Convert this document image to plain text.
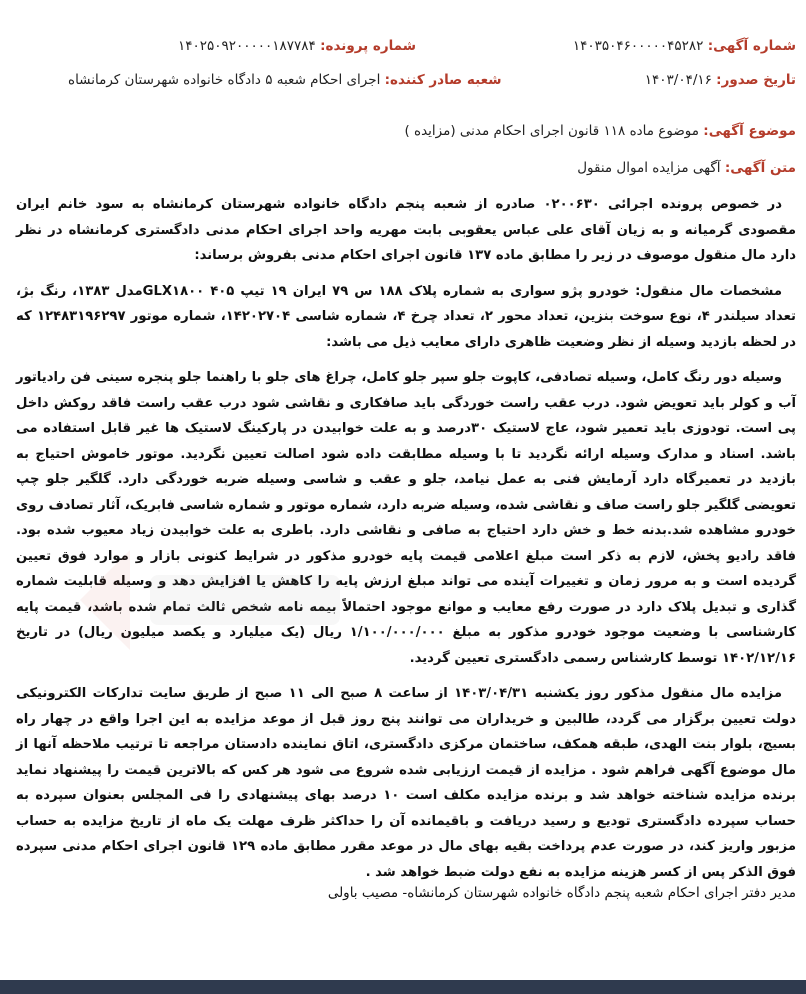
شماره آگهی: ۱۴۰۳۵۰۴۶۰۰۰۰۰۴۵۲۸۲
شماره پرونده: ۱۴۰۲۵۰۹۲۰۰۰۰۰۱۸۷۷۸۴
تاریخ صدور: ۱۴۰۳/۰۴/۱۶
شعبه صادر کننده: اجرای احکام شعبه ۵ دادگاه خانواده شهرستان کرمانشاه
موضوع آگهی: موضوع ماده ۱۱۸ قانون اجرای احکام مدنی (مزایده )
متن آگهی: آگهی مزایده اموال منقول

در خصوص پرونده اجرائی ۰۲۰۰۶۳۰ صادره از شعبه پنجم دادگاه خانواده شهرستان کرمانشاه به سود خانم ایران مقصودی گرمیانه و به زیان آقای علی عباس یعقوبی بابت مهریه واحد اجرای احکام مدنی دادگستری کرمانشاه در نظر دارد مال منقول موصوف در زیر را مطابق ماده ۱۳۷ قانون اجرای احکام مدنی بفروش برساند:

مشخصات مال منقول: خودرو پژو سواری به شماره پلاک ۱۸۸ س ۷۹ ایران ۱۹ تیپ GLX۱۸۰۰ ۴۰۵مدل ۱۳۸۳، رنگ بژ، تعداد سیلندر ۴، نوع سوخت بنزین، تعداد محور ۲، تعداد چرخ ۴، شماره شاسی ۱۴۲۰۲۷۰۴، شماره موتور ۱۲۴۸۳۱۹۶۲۹۷ که در لحظه بازدید وسیله از نظر وضعیت ظاهری دارای معایب ذیل می باشد:

وسیله دور رنگ کامل، وسیله تصادفی، کاپوت جلو سپر جلو کامل، چراغ های جلو با راهنما جلو پنجره سینی فن رادیاتور آب و کولر باید تعویض شود. درب عقب راست خوردگی باید صافکاری و نقاشی شود درب عقب راست فاقد روکش داخل پی است. تودوزی باید تعمیر شود، عاج لاستیک ۳۰درصد و به علت خوابیدن در پارکینگ لاستیک ها غیر قابل استفاده می باشد. اسناد و مدارک وسیله ارائه نگردید تا با وسیله مطابقت داده شود اصالت تعیین نگردید. موتور خاموش احتیاج به بازدید در تعمیرگاه دارد آرمایش فنی به عمل نیامد، جلو و عقب و شاسی وسیله ضربه خوردگی دارد. گلگیر جلو چپ تعویضی گلگیر جلو راست صاف و نقاشی شده، وسیله ضربه دارد، شماره موتور و شماره شاسی فابریک، آثار تصادف روی خودرو مشاهده شد.بدنه خط و خش دارد احتیاج به صافی و نقاشی دارد. باطری به علت خوابیدن زیاد معیوب شده بود. فاقد رادیو پخش، لازم به ذکر است مبلغ اعلامی قیمت پایه خودرو مذکور در شرایط کنونی بازار و موارد فوق تعیین گردیده است و به مرور زمان و تغییرات آینده می تواند مبلغ ارزش پایه را کاهش یا افزایش دهد و وسیله قابلیت شماره گذاری و تبدیل پلاک دارد در صورت رفع معایب و موانع موجود احتمالاً بیمه نامه شخص ثالث تمام شده باشد، قیمت پایه کارشناسی با وضعیت موجود خودرو مذکور به مبلغ ۱/۱۰۰/۰۰۰/۰۰۰ ریال (یک میلیارد و یکصد میلیون ریال) در تاریخ ۱۴۰۲/۱۲/۱۶ توسط کارشناس رسمی دادگستری تعیین گردید.

مزایده مال منقول مذکور روز یکشنبه ۱۴۰۳/۰۴/۳۱ از ساعت ۸ صبح الی ۱۱ صبح از طریق سایت تدارکات الکترونیکی دولت تعیین برگزار می گردد، طالبین و خریداران می توانند پنج روز قبل از موعد مزایده به این اجرا واقع در چهار راه بسیج، بلوار بنت الهدی، طبقه همکف، ساختمان مرکزی دادگستری، اتاق نماینده دادستان مراجعه تا ترتیب ملاحظه آنها از مال موضوع آگهی فراهم شود . مزایده از قیمت ارزیابی شده شروع می شود هر کس که بالاترین قیمت را پیشنهاد نماید برنده مزایده شناخته خواهد شد و برنده مزایده مکلف است ۱۰ درصد بهای پیشنهادی را فی المجلس بعنوان سپرده به حساب سپرده دادگستری تودیع و رسید دریافت و باقیمانده آن را حداکثر ظرف مهلت یک ماه از تاریخ مزایده به حساب مزبور واریز کند، در صورت عدم پرداخت بقیه بهای مال در موعد مقرر مطابق ماده ۱۲۹ قانون اجرای احکام مدنی سپرده فوق الذکر پس از کسر هزینه مزایده به نفع دولت ضبط خواهد شد .

مدیر دفتر اجرای احکام شعبه پنجم دادگاه خانواده شهرستان کرمانشاه- مصیب باولی
